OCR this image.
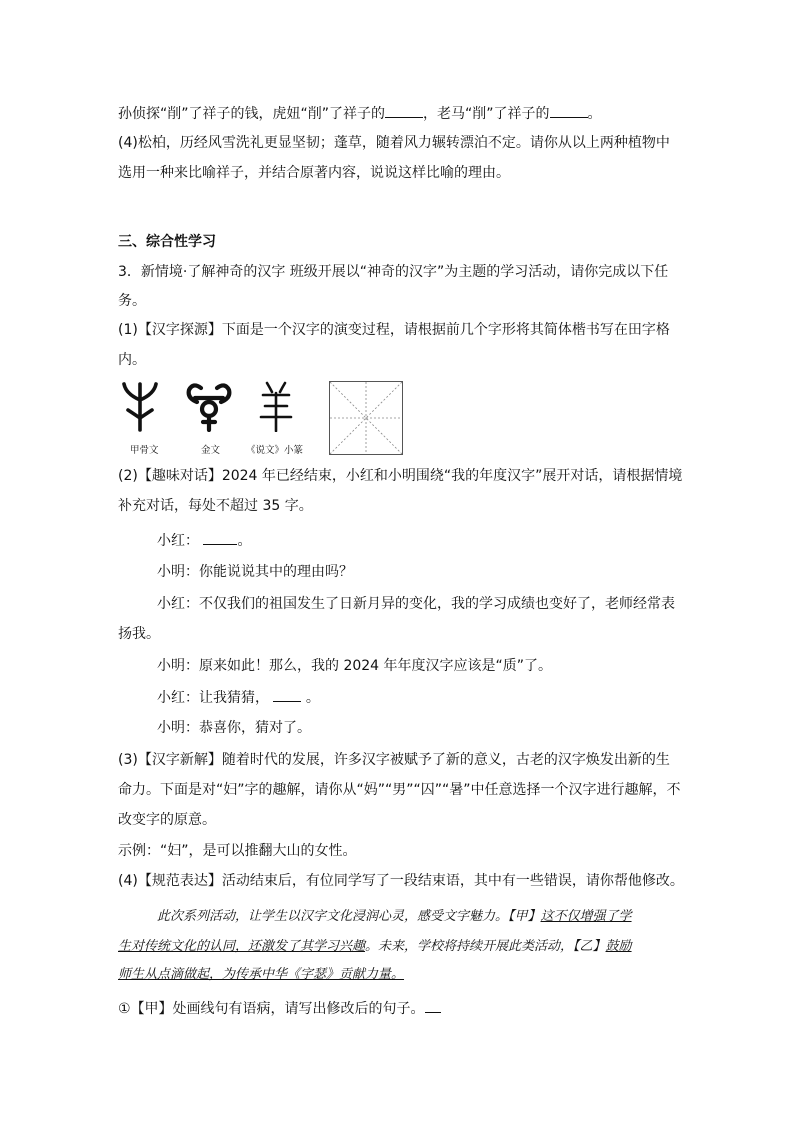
孙侦探“削”了祥子的钱，虎妞“削”了祥子的	，老马“削”了祥子的	。
(4)松柏，历经风雪洗礼更显坚韧；蓬草，随着风力辗转漂泊不定。请你从以上两种植物中
选用一种来比喻祥子，并结合原著内容，说说这样比喻的理由。
三、综合性学习
3．新情境·了解神奇的汉字 班级开展以“神奇的汉字”为主题的学习活动，请你完成以下任
务。
(1)【汉字探源】下面是一个汉字的演变过程，请根据前几个字形将其简体楷书写在田字格
内。
甲骨文	金文	《说文》小篆
(2)【趣味对话】2024 年已经结束，小红和小明围绕“我的年度汉字”展开对话，请根据情境
补充对话，每处不超过 35 字。
小红：	。
小明：你能说说其中的理由吗？
小红：不仅我们的祖国发生了日新月异的变化，我的学习成绩也变好了，老师经常表
扬我。
小明：原来如此！那么，我的 2024 年年度汉字应该是“质”了。
小红：让我猜猜，	。
小明：恭喜你，猜对了。
(3)【汉字新解】随着时代的发展，许多汉字被赋予了新的意义，古老的汉字焕发出新的生
命力。下面是对“妇”字的趣解，请你从“妈”“男”“囚”“暑”中任意选择一个汉字进行趣解，不
改变字的原意。
示例：“妇”，是可以推翻大山的女性。
(4)【规范表达】活动结束后，有位同学写了一段结束语，其中有一些错误，请你帮他修改。
此次系列活动，让学生以汉字文化浸润心灵，感受文字魅力。【甲】这不仅增强了学
生对传统文化的认同，还激发了其学习兴趣。未来，学校将持续开展此类活动，【乙】鼓励
师生从点滴做起，为传承中华《字瑟》贡献力量。
①【甲】处画线句有语病，请写出修改后的句子。
